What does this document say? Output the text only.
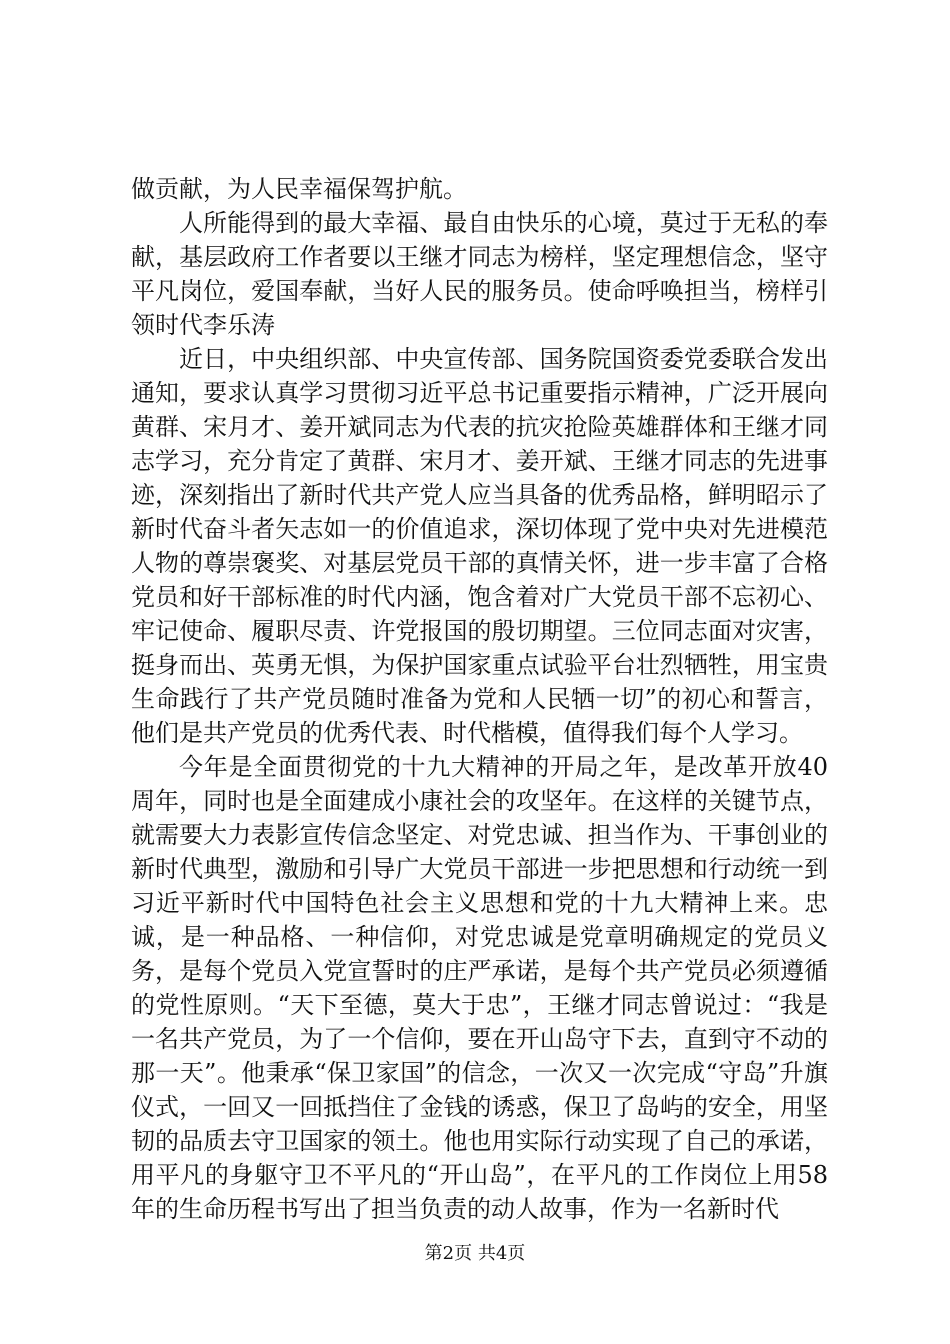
做贡献，为人民幸福保驾护航。

人所能得到的最大幸福、最自由快乐的心境，莫过于无私的奉献，基层政府工作者要以王继才同志为榜样，坚定理想信念，坚守平凡岗位，爱国奉献，当好人民的服务员。使命呼唤担当，榜样引领时代李乐涛

近日，中央组织部、中央宣传部、国务院国资委党委联合发出通知，要求认真学习贯彻习近平总书记重要指示精神，广泛开展向黄群、宋月才、姜开斌同志为代表的抗灾抢险英雄群体和王继才同志学习，充分肯定了黄群、宋月才、姜开斌、王继才同志的先进事迹，深刻指出了新时代共产党人应当具备的优秀品格，鲜明昭示了新时代奋斗者矢志如一的价值追求，深切体现了党中央对先进模范人物的尊崇褒奖、对基层党员干部的真情关怀，进一步丰富了合格党员和好干部标准的时代内涵，饱含着对广大党员干部不忘初心、牢记使命、履职尽责、许党报国的殷切期望。三位同志面对灾害，挺身而出、英勇无惧，为保护国家重点试验平台壮烈牺牲，用宝贵生命践行了共产党员随时准备为党和人民牺一切”的初心和誓言，他们是共产党员的优秀代表、时代楷模，值得我们每个人学习。

今年是全面贯彻党的十九大精神的开局之年，是改革开放40周年，同时也是全面建成小康社会的攻坚年。在这样的关键节点，就需要大力表影宣传信念坚定、对党忠诚、担当作为、干事创业的新时代典型，激励和引导广大党员干部进一步把思想和行动统一到习近平新时代中国特色社会主义思想和党的十九大精神上来。忠诚，是一种品格、一种信仰，对党忠诚是党章明确规定的党员义务，是每个党员入党宣誓时的庄严承诺，是每个共产党员必须遵循的党性原则。“天下至德，莫大于忠”，王继才同志曾说过：“我是一名共产党员，为了一个信仰，要在开山岛守下去，直到守不动的那一天”。他秉承“保卫家国”的信念，一次又一次完成“守岛”升旗仪式，一回又一回抵挡住了金钱的诱惑，保卫了岛屿的安全，用坚韧的品质去守卫国家的领土。他也用实际行动实现了自己的承诺，用平凡的身躯守卫不平凡的“开山岛”，在平凡的工作岗位上用58年的生命历程书写出了担当负责的动人故事，作为一名新时代

第2页 共4页
